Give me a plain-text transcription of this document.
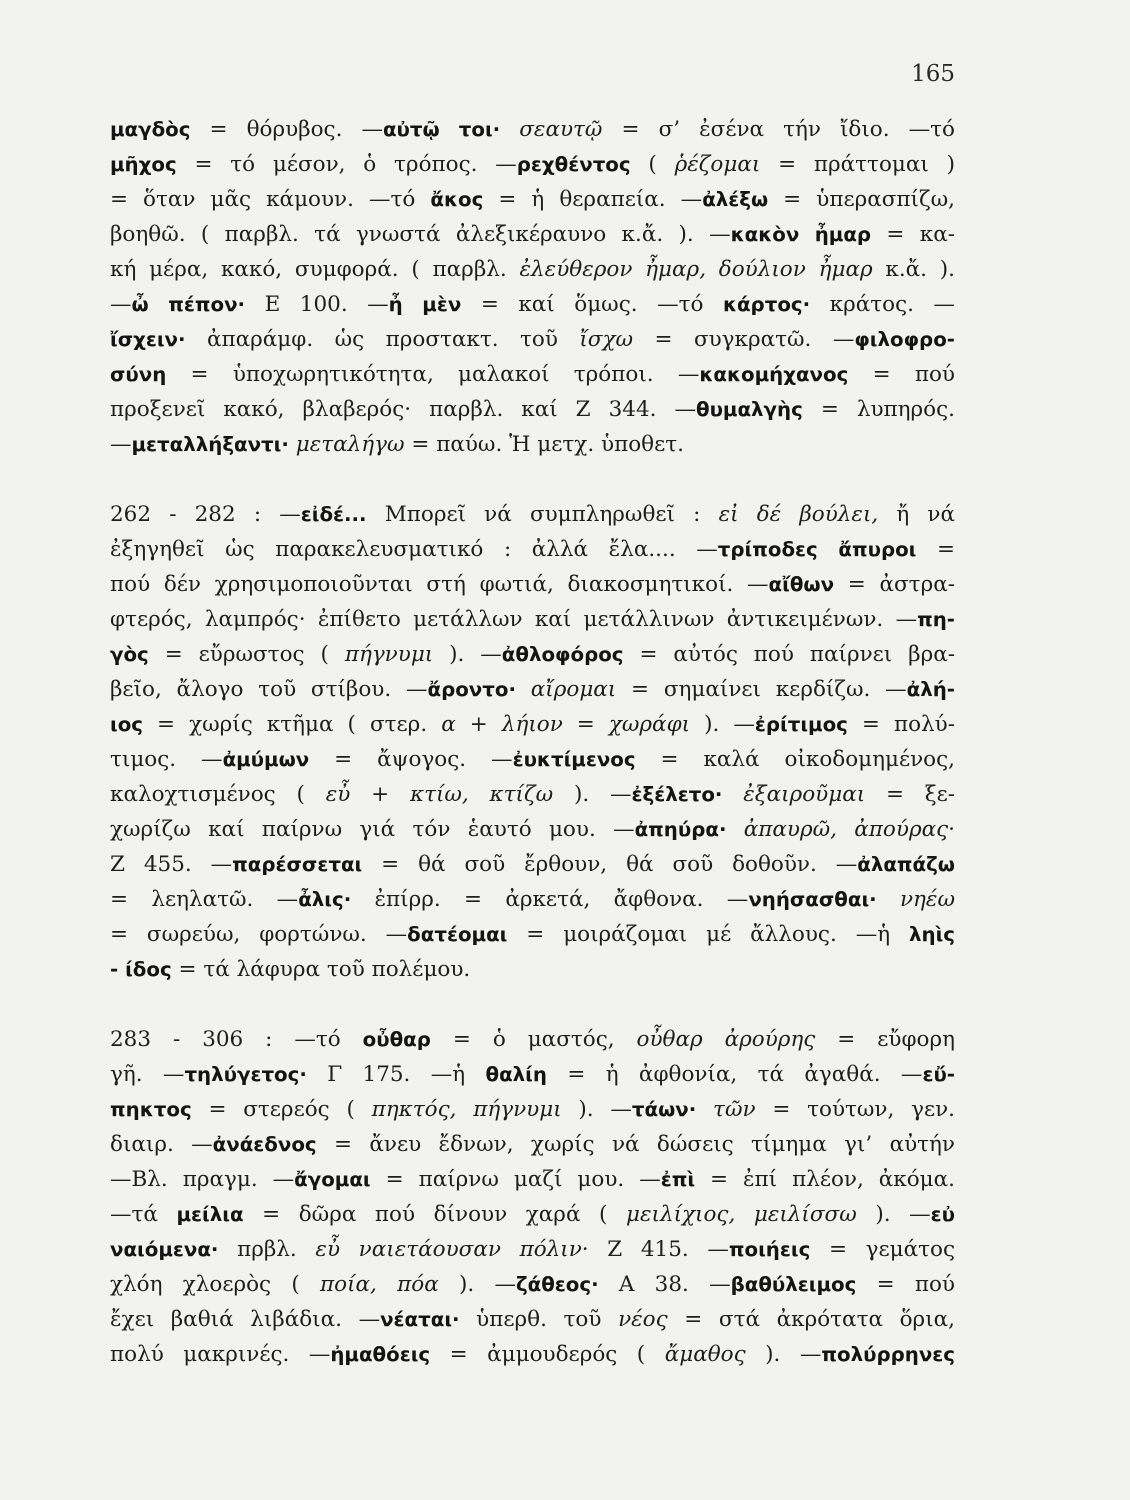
165
μαγδὸς = θόρυβος. —αὐτῷ τοι· σεαυτῷ = σ’ ἐσένα τήν ἴδιο. —τό
μῆχος = τό μέσον, ὁ τρόπος. —ρεχθέντος ( ῥέζομαι = πράττομαι )
= ὅταν μᾶς κάμουν. —τό ἄκος = ἡ θεραπεία. —ἀλέξω = ὑπερασπίζω,
βοηθῶ. ( παρβλ. τά γνωστά ἀλεξικέραυνο κ.ἄ. ). —κακὸν ἦμαρ = κα-
κή μέρα, κακό, συμφορά. ( παρβλ. ἐλεύθερον ἦμαρ, δούλιον ἦμαρ κ.ἄ. ).
—ὦ πέπον· Ε 100. —ἦ μὲν = καί ὅμως. —τό κάρτος· κράτος. —
ἴσχειν· ἀπαράμφ. ὡς προστακτ. τοῦ ἴσχω = συγκρατῶ. —φιλοφρο-
σύνη = ὑποχωρητικότητα, μαλακοί τρόποι. —κακομήχανος = πού
προξενεῖ κακό, βλαβερός· παρβλ. καί Ζ 344. —θυμαλγὴς = λυπηρός.
—μεταλλήξαντι· μεταλήγω = παύω. Ἡ μετχ. ὑποθετ.
262 - 282 : —εἰδέ... Μπορεῖ νά συμπληρωθεῖ : εἰ δέ βούλει, ἤ νά
ἐξηγηθεῖ ὡς παρακελευσματικό : ἀλλά ἔλα.... —τρίποδες ἄπυροι =
πού δέν χρησιμοποιοῦνται στή φωτιά, διακοσμητικοί. —αἴθων = ἀστρα-
φτερός, λαμπρός· ἐπίθετο μετάλλων καί μετάλλινων ἀντικειμένων. —πη-
γὸς = εὔρωστος ( πήγνυμι ). —ἀθλοφόρος = αὐτός πού παίρνει βρα-
βεῖο, ἄλογο τοῦ στίβου. —ἄροντο· αἴρομαι = σημαίνει κερδίζω. —ἀλή-
ιος = χωρίς κτῆμα ( στερ. α + λήιον = χωράφι ). —ἐρίτιμος = πολύ-
τιμος. —ἀμύμων = ἄψογος. —ἐυκτίμενος = καλά οἰκοδομημένος,
καλοχτισμένος ( εὖ + κτίω, κτίζω ). —ἐξέλετο· ἐξαιροῦμαι = ξε-
χωρίζω καί παίρνω γιά τόν ἑαυτό μου. —ἀπηύρα· ἀπαυρῶ, ἀπούρας·
Ζ 455. —παρέσσεται = θά σοῦ ἔρθουν, θά σοῦ δοθοῦν. —ἀλαπάζω
= λεηλατῶ. —ἆλις· ἐπίρρ. = ἀρκετά, ἄφθονα. —νηήσασθαι· νηέω
= σωρεύω, φορτώνω. —δατέομαι = μοιράζομαι μέ ἄλλους. —ἡ ληὶς
- ίδος = τά λάφυρα τοῦ πολέμου.
283 - 306 : —τό οὖθαρ = ὁ μαστός, οὖθαρ ἀρούρης = εὔφορη
γῆ. —τηλύγετος· Γ 175. —ἡ θαλίη = ἡ ἀφθονία, τά ἀγαθά. —εὔ-
πηκτος = στερεός ( πηκτός, πήγνυμι ). —τάων· τῶν = τούτων, γεν.
διαιρ. —ἀνάεδνος = ἄνευ ἔδνων, χωρίς νά δώσεις τίμημα γι’ αὐτήν
—Βλ. πραγμ. —ἄγομαι = παίρνω μαζί μου. —ἐπὶ = ἐπί πλέον, ἀκόμα.
—τά μείλια = δῶρα πού δίνουν χαρά ( μειλίχιος, μειλίσσω ). —εὐ
ναιόμενα· πρβλ. εὖ ναιετάουσαν πόλιν· Ζ 415. —ποιήεις = γεμάτος
χλόη χλοερὸς ( ποία, πόα ). —ζάθεος· Α 38. —βαθύλειμος = πού
ἔχει βαθιά λιβάδια. —νέαται· ὑπερθ. τοῦ νέος = στά ἀκρότατα ὅρια,
πολύ μακρινές. —ἠμαθόεις = ἀμμουδερός ( ἄμαθος ). —πολύρρηνες
